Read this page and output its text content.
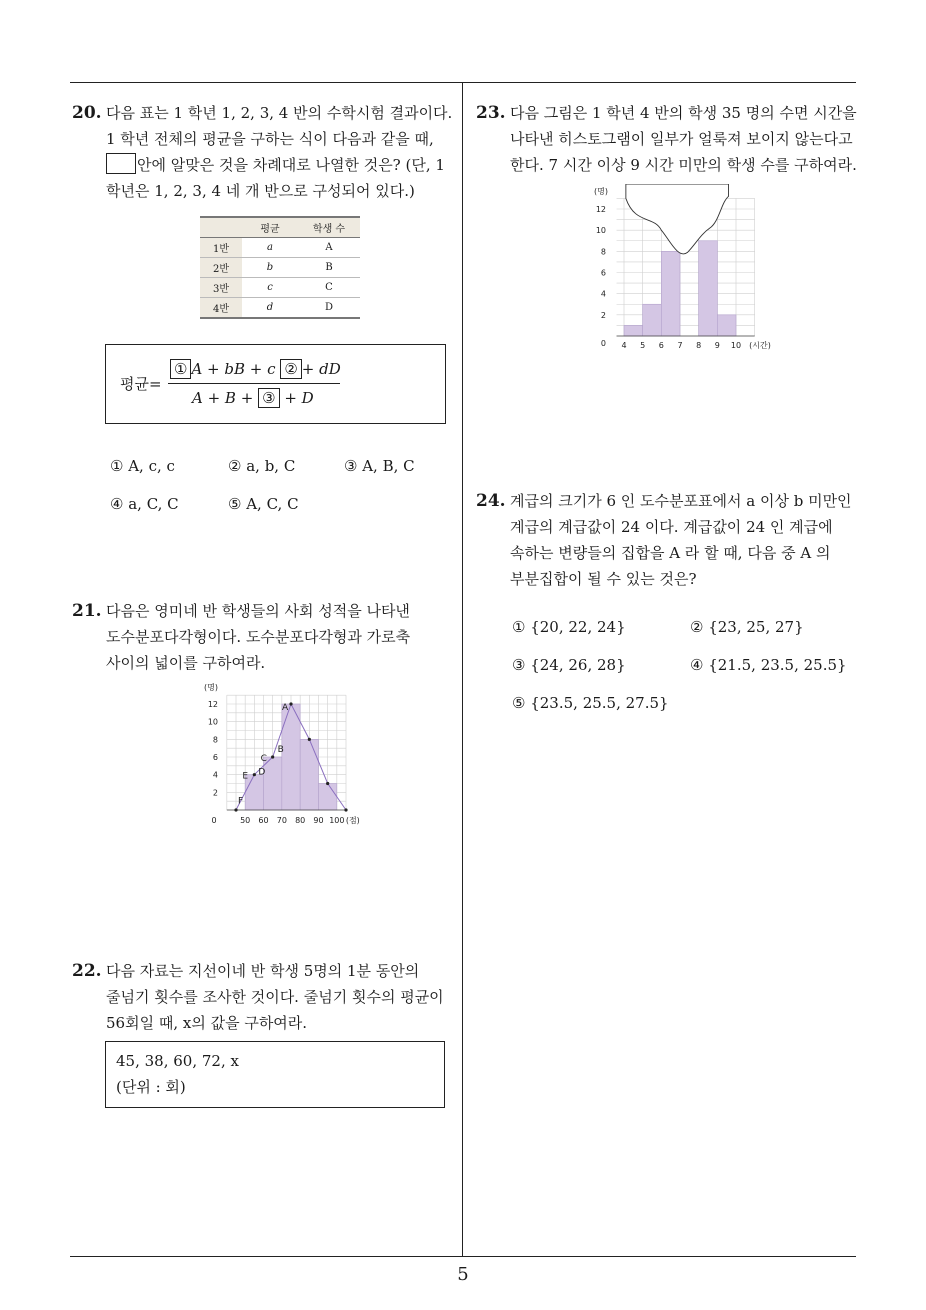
5
20. 다음 표는 1 학년 1, 2, 3, 4 반의 수학시험 결과이다.
1 학년 전체의 평균을 구하는 식이 다음과 같을 때,
안에 알맞은 것을 차례대로 나열한 것은? (단, 1
학년은 1, 2, 3, 4 네 개 반으로 구성되어 있다.)
	평균	학생 수
1반	a	A
2반	b	B
3반	c	C
4반	d	D
평균=
① A + bB + c ② + dD
A + B + ③ + D
① A, c, c	② a, b, C	③ A, B, C
④ a, C, C	⑤ A, C, C
21. 다음은 영미네 반 학생들의 사회 성적을 나타낸
도수분포다각형이다. 도수분포다각형과 가로축
사이의 넓이를 구하여라.
F
E D
C
B
A
2
4
6
8
10
12
(명)
0	50 60 70 80 90 100 (점)
22. 다음 자료는 지선이네 반 학생 5명의 1분 동안의
줄넘기 횟수를 조사한 것이다. 줄넘기 횟수의 평균이
56회일 때, x의 값을 구하여라.
45, 38, 60, 72, x
(단위 : 회)
23. 다음 그림은 1 학년 4 반의 학생 35 명의 수면 시간을
나타낸 히스토그램이 일부가 얼룩져 보이지 않는다고
한다. 7 시간 이상 9 시간 미만의 학생 수를 구하여라.
0
2
4
6
8
10
12
(명)
4 5 6 7 8 9 10 (시간)
24. 계급의 크기가 6 인 도수분포표에서 a 이상 b 미만인
계급의 계급값이 24 이다. 계급값이 24 인 계급에
속하는 변량들의 집합을 A 라 할 때, 다음 중 A 의
부분집합이 될 수 있는 것은?
① {20, 22, 24}	② {23, 25, 27}
③ {24, 26, 28}	④ {21.5, 23.5, 25.5}
⑤ {23.5, 25.5, 27.5}
